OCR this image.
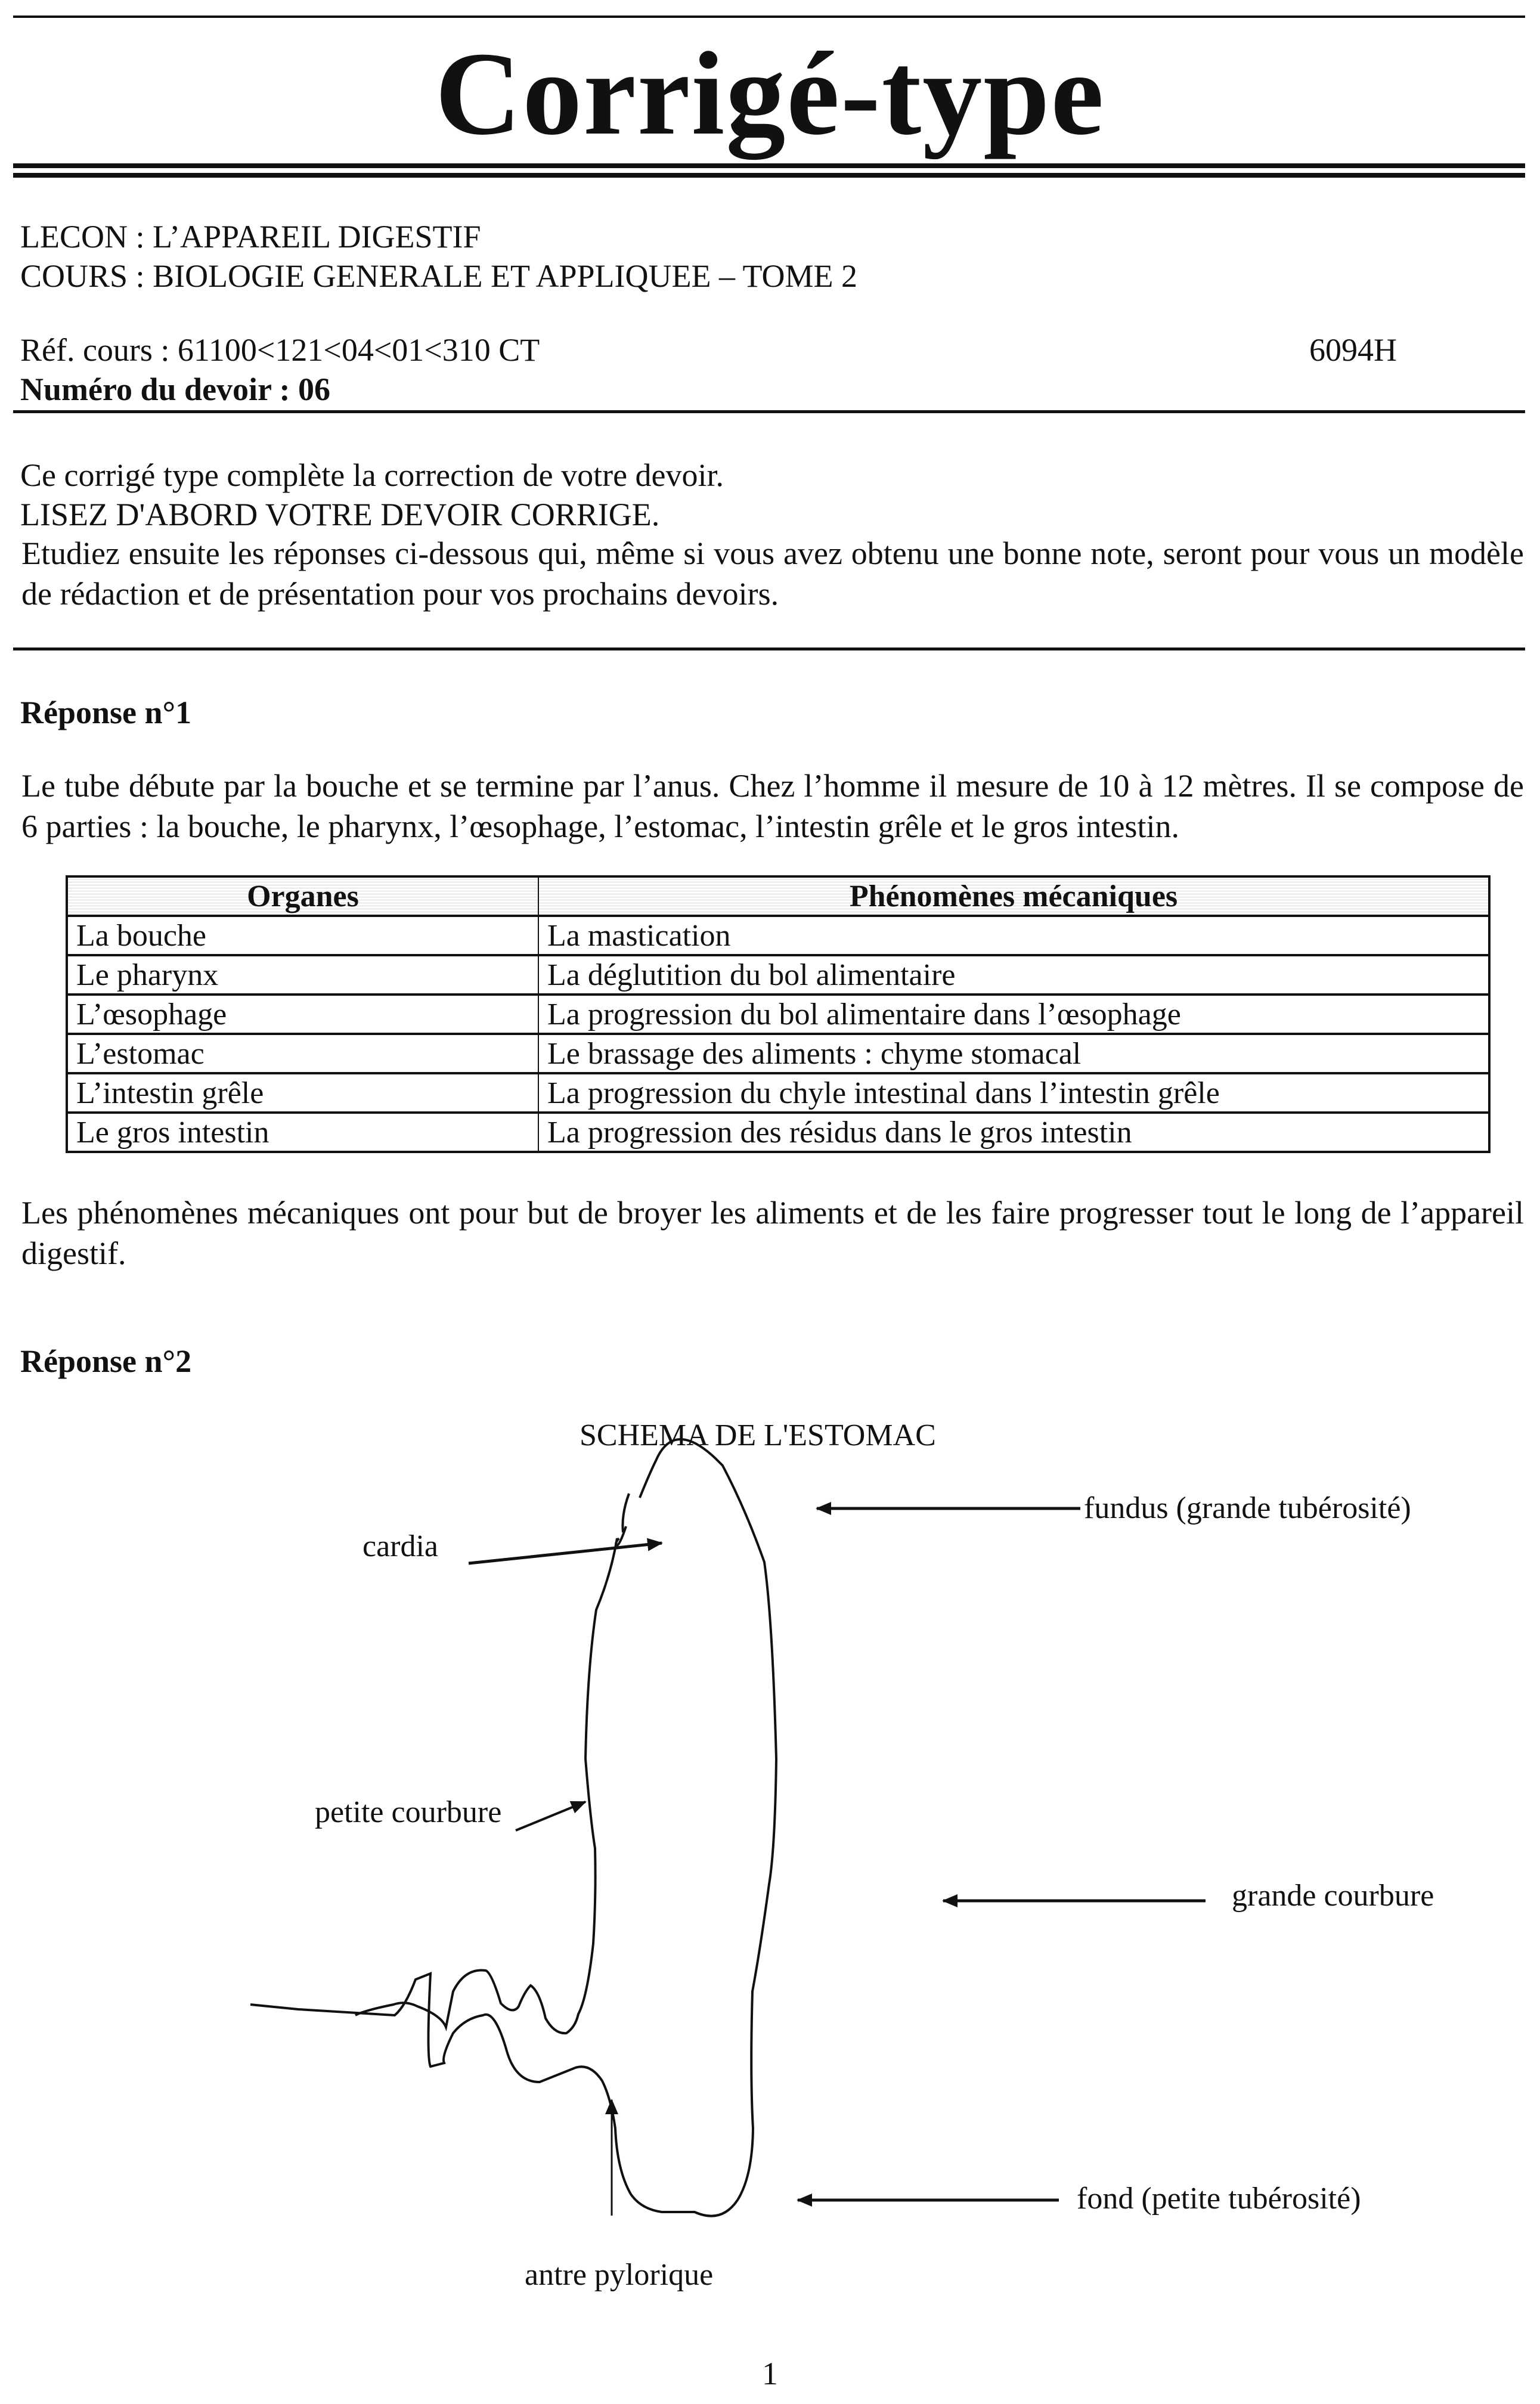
Corrigé-type
LECON : L’APPAREIL DIGESTIF
COURS : BIOLOGIE GENERALE ET APPLIQUEE – TOME 2
Réf. cours : 61100<121<04<01<310 CT	6094H
Numéro du devoir : 06
Ce corrigé type complète la correction de votre devoir.
LISEZ D'ABORD VOTRE DEVOIR CORRIGE.
Etudiez ensuite les réponses ci-dessous qui, même si vous avez obtenu une bonne note, seront pour vous un modèle de rédaction et de présentation pour vos prochains devoirs.
Réponse n°1
Le tube débute par la bouche et se termine par l’anus. Chez l’homme il mesure de 10 à 12 mètres. Il se compose de 6 parties : la bouche, le pharynx, l’œsophage, l’estomac, l’intestin grêle et le gros intestin.
Organes	Phénomènes mécaniques
La bouche	La mastication
Le pharynx	La déglutition du bol alimentaire
L’œsophage	La progression du bol alimentaire dans l’œsophage
L’estomac	Le brassage des aliments : chyme stomacal
L’intestin grêle	La progression du chyle intestinal dans l’intestin grêle
Le gros intestin	La progression des résidus dans le gros intestin
Les phénomènes mécaniques ont pour but de broyer les aliments et de les faire progresser tout le long de l’appareil digestif.
Réponse n°2
SCHEMA DE L'ESTOMAC
cardia
fundus (grande tubérosité)
petite courbure
grande courbure
fond (petite tubérosité)
antre pylorique
1
